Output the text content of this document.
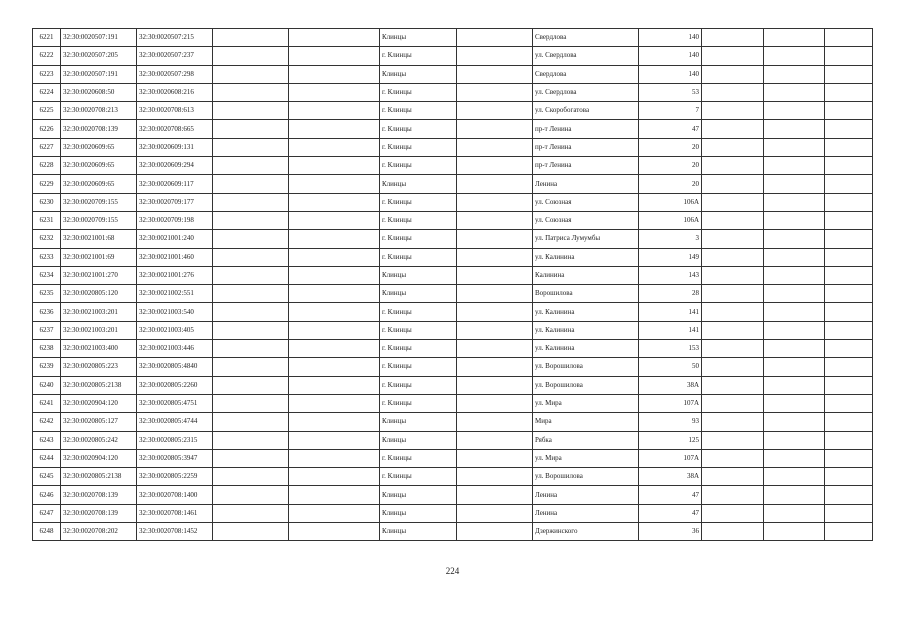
6221	32:30:0020507:191	32:30:0020507:215			Клинцы		Свердлова	140			
6222	32:30:0020507:205	32:30:0020507:237			г. Клинцы		ул. Свердлова	140			
6223	32:30:0020507:191	32:30:0020507:298			Клинцы		Свердлова	140			
6224	32:30:0020608:50	32:30:0020608:216			г. Клинцы		ул. Свердлова	53			
6225	32:30:0020708:213	32:30:0020708:613			г. Клинцы		ул. Скоробогатова	7			
6226	32:30:0020708:139	32:30:0020708:665			г. Клинцы		пр-т Ленина	47			
6227	32:30:0020609:65	32:30:0020609:131			г. Клинцы		пр-т Ленина	20			
6228	32:30:0020609:65	32:30:0020609:294			г. Клинцы		пр-т Ленина	20			
6229	32:30:0020609:65	32:30:0020609:117			Клинцы		Ленина	20			
6230	32:30:0020709:155	32:30:0020709:177			г. Клинцы		ул. Союзная	106А			
6231	32:30:0020709:155	32:30:0020709:198			г. Клинцы		ул. Союзная	106А			
6232	32:30:0021001:68	32:30:0021001:240			г. Клинцы		ул. Патриса Лумумбы	3			
6233	32:30:0021001:69	32:30:0021001:460			г. Клинцы		ул. Калинина	149			
6234	32:30:0021001:270	32:30:0021001:276			Клинцы		Калинина	143			
6235	32:30:0020805:120	32:30:0021002:551			Клинцы		Ворошилова	28			
6236	32:30:0021003:201	32:30:0021003:540			г. Клинцы		ул. Калинина	141			
6237	32:30:0021003:201	32:30:0021003:405			г. Клинцы		ул. Калинина	141			
6238	32:30:0021003:400	32:30:0021003:446			г. Клинцы		ул. Калинина	153			
6239	32:30:0020805:223	32:30:0020805:4840			г. Клинцы		ул. Ворошилова	50			
6240	32:30:0020805:2138	32:30:0020805:2260			г. Клинцы		ул. Ворошилова	38А			
6241	32:30:0020904:120	32:30:0020805:4751			г. Клинцы		ул. Мира	107А			
6242	32:30:0020805:127	32:30:0020805:4744			Клинцы		Мира	93			
6243	32:30:0020805:242	32:30:0020805:2315			Клинцы		Рябка	125			
6244	32:30:0020904:120	32:30:0020805:3947			г. Клинцы		ул. Мира	107А			
6245	32:30:0020805:2138	32:30:0020805:2259			г. Клинцы		ул. Ворошилова	38А			
6246	32:30:0020708:139	32:30:0020708:1400			Клинцы		Ленина	47			
6247	32:30:0020708:139	32:30:0020708:1461			Клинцы		Ленина	47			
6248	32:30:0020708:202	32:30:0020708:1452			Клинцы		Дзержинского	36			
224
